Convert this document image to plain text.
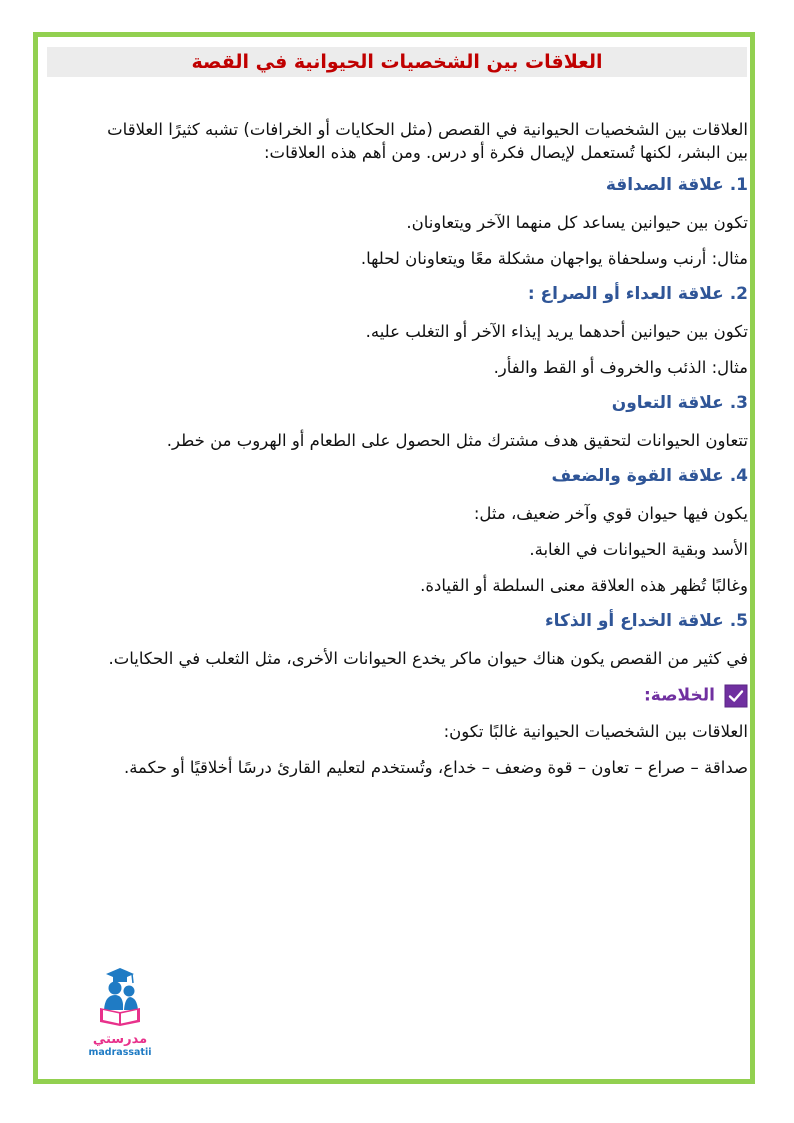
العلاقات بين الشخصيات الحيوانية في القصة

العلاقات بين الشخصيات الحيوانية في القصص (مثل الحكايات أو الخرافات) تشبه كثيرًا العلاقات بين البشر، لكنها تُستعمل لإيصال فكرة أو درس. ومن أهم هذه العلاقات:

1. علاقة الصداقة

تكون بين حيوانين يساعد كل منهما الآخر ويتعاونان.

مثال: أرنب وسلحفاة يواجهان مشكلة معًا ويتعاونان لحلها.

2. علاقة العداء أو الصراع :

تكون بين حيوانين أحدهما يريد إيذاء الآخر أو التغلب عليه.

مثال: الذئب والخروف أو القط والفأر.

3. علاقة التعاون

تتعاون الحيوانات لتحقيق هدف مشترك مثل الحصول على الطعام أو الهروب من خطر.

4. علاقة القوة والضعف

يكون فيها حيوان قوي وآخر ضعيف، مثل:

الأسد وبقية الحيوانات في الغابة.

وغالبًا تُظهر هذه العلاقة معنى السلطة أو القيادة.

5. علاقة الخداع أو الذكاء

في كثير من القصص يكون هناك حيوان ماكر يخدع الحيوانات الأخرى، مثل الثعلب في الحكايات.

الخلاصة:

العلاقات بين الشخصيات الحيوانية غالبًا تكون:

صداقة – صراع – تعاون – قوة وضعف – خداع، وتُستخدم لتعليم القارئ درسًا أخلاقيًا أو حكمة.

مدرستي
madrassatii
